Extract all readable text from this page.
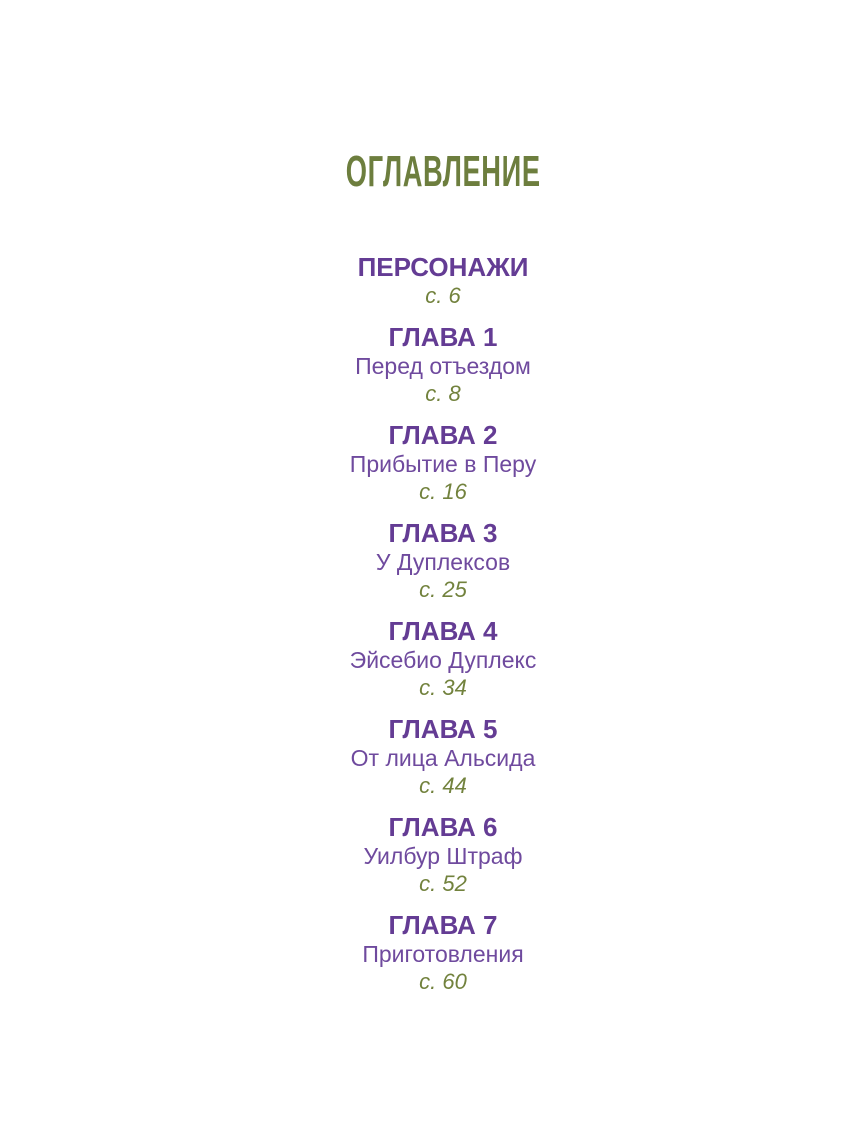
ОГЛАВЛЕНИЕ
ПЕРСОНАЖИ
с. 6
ГЛАВА 1
Перед отъездом
с. 8
ГЛАВА 2
Прибытие в Перу
с. 16
ГЛАВА 3
У Дуплексов
с. 25
ГЛАВА 4
Эйсебио Дуплекс
с. 34
ГЛАВА 5
От лица Альсида
с. 44
ГЛАВА 6
Уилбур Штраф
с. 52
ГЛАВА 7
Приготовления
с. 60
